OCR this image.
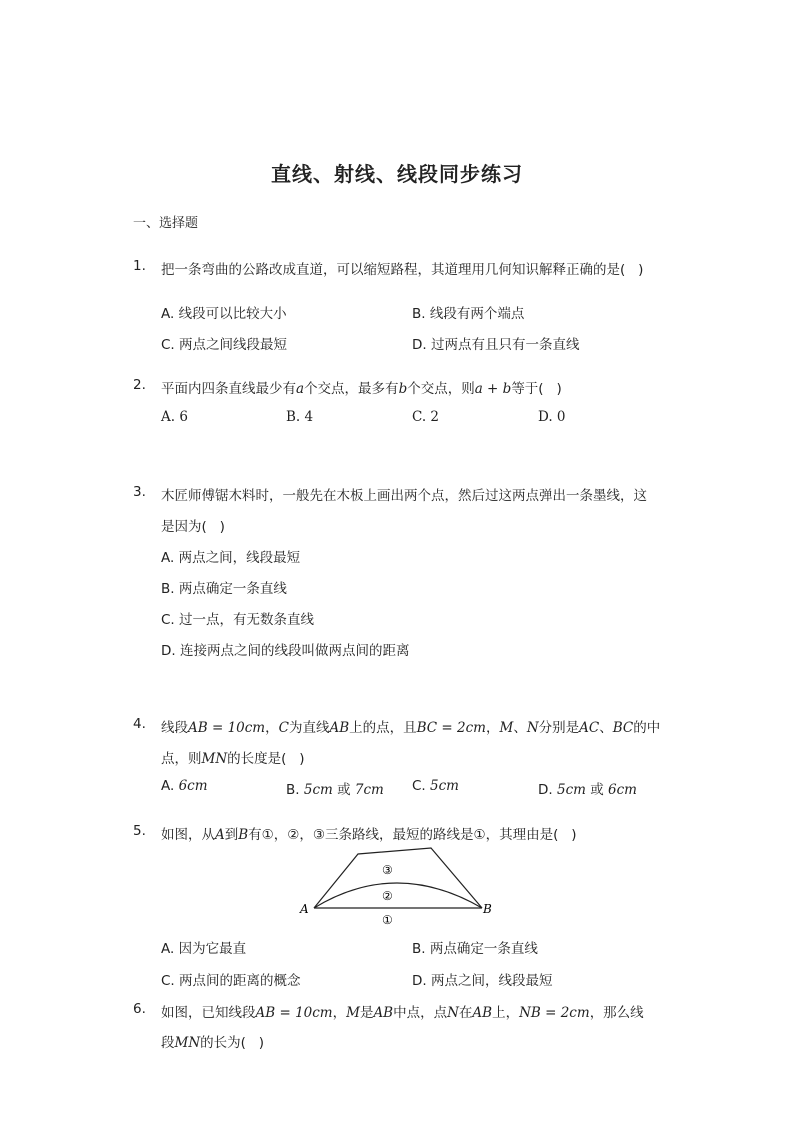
直线、射线、线段同步练习
一、选择题
1. 把一条弯曲的公路改成直道，可以缩短路程，其道理用几何知识解释正确的是(   )
A. 线段可以比较大小	B. 线段有两个端点
C. 两点之间线段最短	D. 过两点有且只有一条直线
2. 平面内四条直线最少有a个交点，最多有b个交点，则a + b等于(   )
A. 6	B. 4	C. 2	D. 0
3. 木匠师傅锯木料时，一般先在木板上画出两个点，然后过这两点弹出一条墨线，这
是因为(   )
A. 两点之间，线段最短
B. 两点确定一条直线
C. 过一点，有无数条直线
D. 连接两点之间的线段叫做两点间的距离
4. 线段AB = 10cm，C为直线AB上的点，且BC = 2cm，M、N分别是AC、BC的中
点，则MN的长度是(   )
A. 6cm	B. 5cm 或 7cm C. 5cm	D. 5cm 或 6cm
5. 如图，从A到B有①，②，③三条路线，最短的路线是①，其理由是(   )
A	B
③
②
①
A. 因为它最直	B. 两点确定一条直线
C. 两点间的距离的概念	D. 两点之间，线段最短
6. 如图，已知线段AB = 10cm，M是AB中点，点N在AB上，NB = 2cm，那么线
段MN的长为(   )
